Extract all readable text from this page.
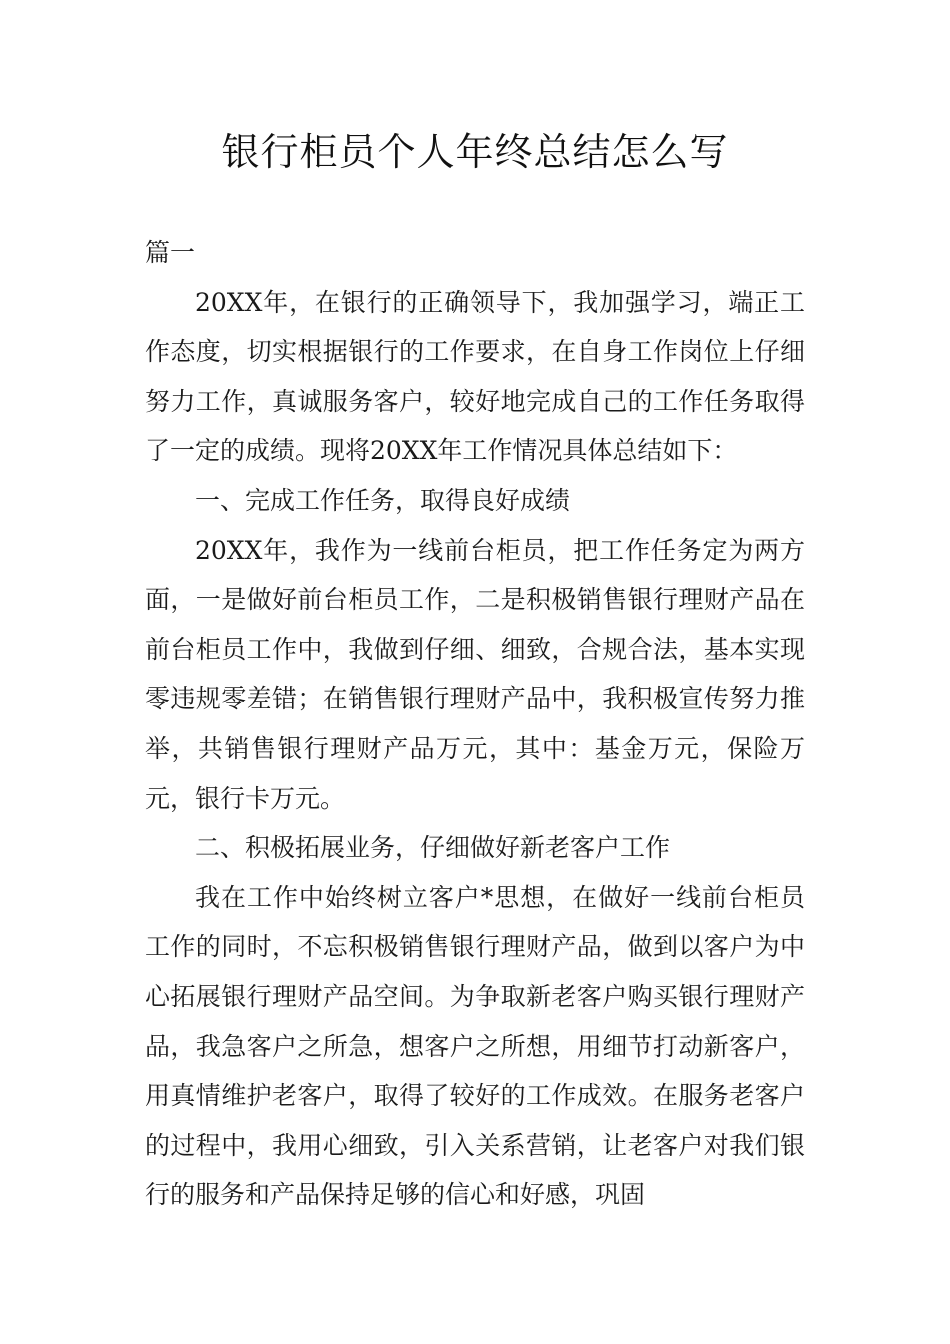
银行柜员个人年终总结怎么写

篇一

20XX年，在银行的正确领导下，我加强学习，端正工作态度，切实根据银行的工作要求，在自身工作岗位上仔细努力工作，真诚服务客户，较好地完成自己的工作任务取得了一定的成绩。现将20XX年工作情况具体总结如下：

一、完成工作任务，取得良好成绩

20XX年，我作为一线前台柜员，把工作任务定为两方面，一是做好前台柜员工作，二是积极销售银行理财产品在前台柜员工作中，我做到仔细、细致，合规合法，基本实现零违规零差错；在销售银行理财产品中，我积极宣传努力推举，共销售银行理财产品万元，其中：基金万元，保险万元，银行卡万元。

二、积极拓展业务，仔细做好新老客户工作

我在工作中始终树立客户*思想，在做好一线前台柜员工作的同时，不忘积极销售银行理财产品，做到以客户为中心拓展银行理财产品空间。为争取新老客户购买银行理财产品，我急客户之所急，想客户之所想，用细节打动新客户，用真情维护老客户，取得了较好的工作成效。在服务老客户的过程中，我用心细致，引入关系营销，让老客户对我们银行的服务和产品保持足够的信心和好感，巩固
